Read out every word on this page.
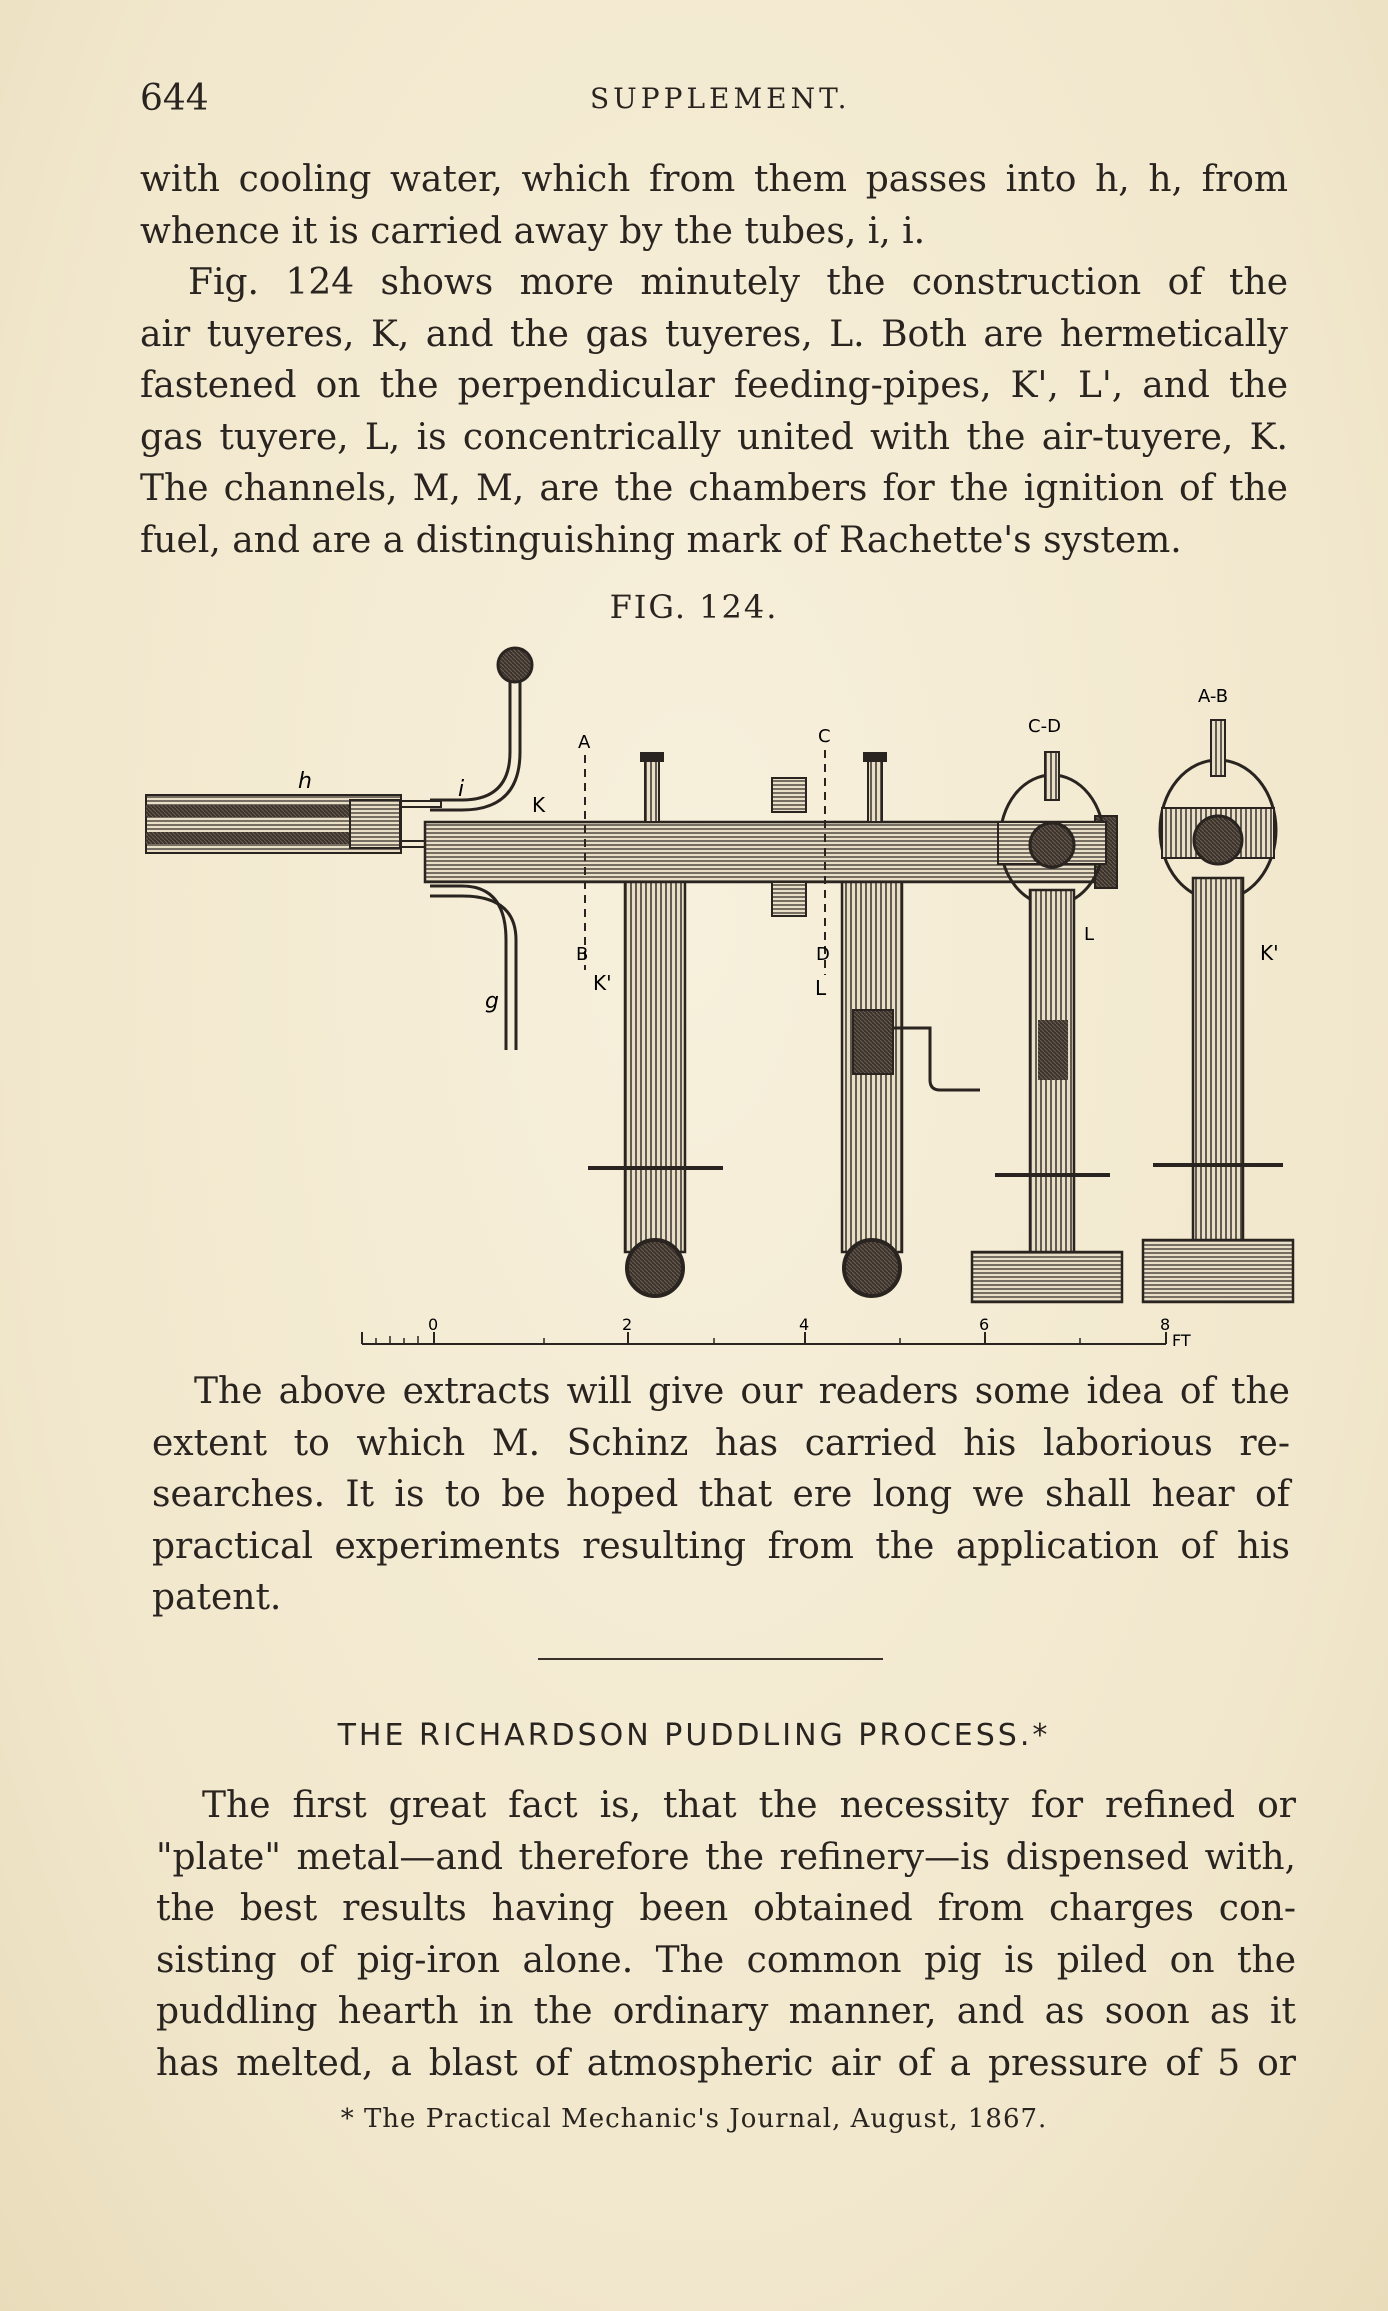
644	SUPPLEMENT.
with cooling water, which from them passes into h, h, from
whence it is carried away by the tubes, i, i.
Fig. 124 shows more minutely the construction of the
air tuyeres, K, and the gas tuyeres, L. Both are hermetically
fastened on the perpendicular feeding-pipes, K', L', and the
gas tuyere, L, is concentrically united with the air-tuyere, K.
The channels, M, M, are the chambers for the ignition of the
fuel, and are a distinguishing mark of Rachette's system.
FIG. 124.
h	i
g
K
K'
K'
L
L
A
B
C
D
C-D
A-B
0	2	4	6	8
FT
The above extracts will give our readers some idea of the
extent to which M. Schinz has carried his laborious re-
searches. It is to be hoped that ere long we shall hear of
practical experiments resulting from the application of his
patent.
THE RICHARDSON PUDDLING PROCESS.*
The first great fact is, that the necessity for refined or
"plate" metal—and therefore the refinery—is dispensed with,
the best results having been obtained from charges con-
sisting of pig-iron alone. The common pig is piled on the
puddling hearth in the ordinary manner, and as soon as it
has melted, a blast of atmospheric air of a pressure of 5 or
* The Practical Mechanic's Journal, August, 1867.
